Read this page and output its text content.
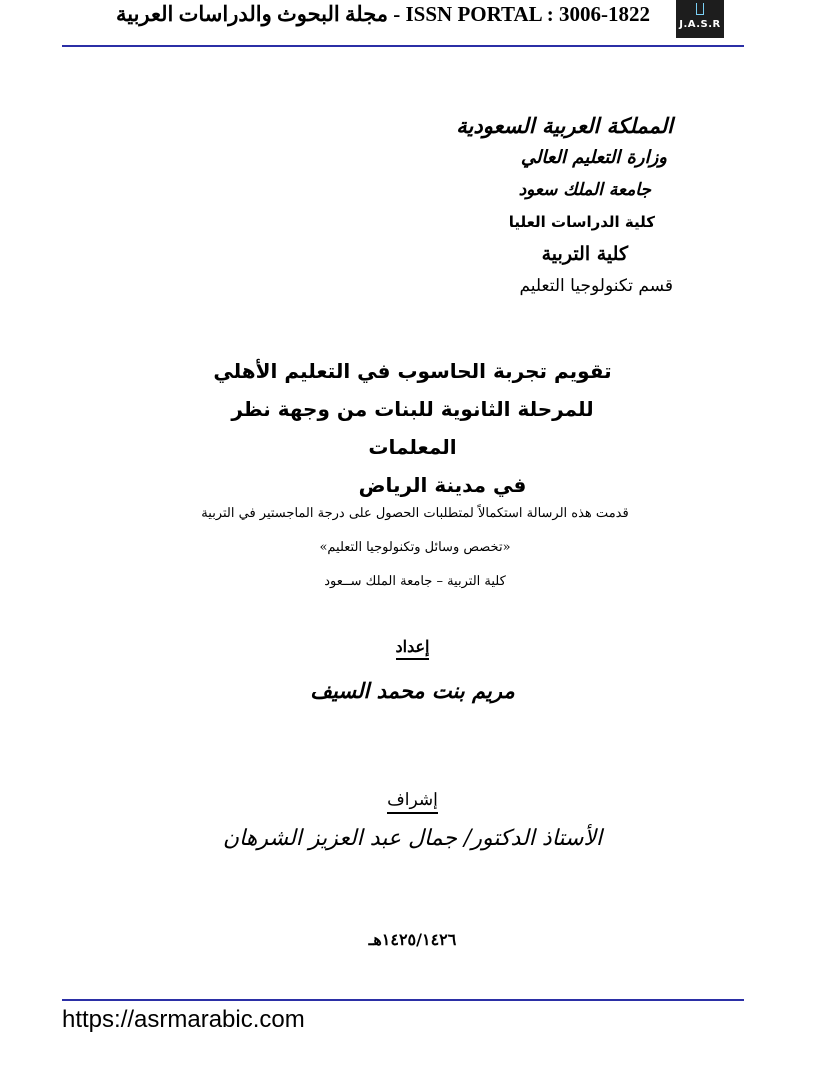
مجلة البحوث والدراسات العربية - ISSN PORTAL : 3006-1822	J.A.S.R
المملكة العربية السعودية
وزارة التعليم العالي
جامعة الملك سعود
كلية الدراسات العليا
كلية التربية
قسم تكنولوجيا التعليم
تقويم تجربة الحاسوب في التعليم الأهلي
للمرحلة الثانوية للبنات من وجهة نظر المعلمات
في مدينة الرياض
قدمت هذه الرسالة استكمالاً لمتطلبات الحصول على درجة الماجستير في التربية
«تخصص وسائل وتكنولوجيا التعليم»
كلية التربية – جامعة الملك ســعود
إعداد
مريم بنت محمد السيف
إشراف
الأستاذ الدكتور/ جمال عبد العزيز الشرهان
١٤٢٥/١٤٢٦هـ
https://asrmarabic.com
